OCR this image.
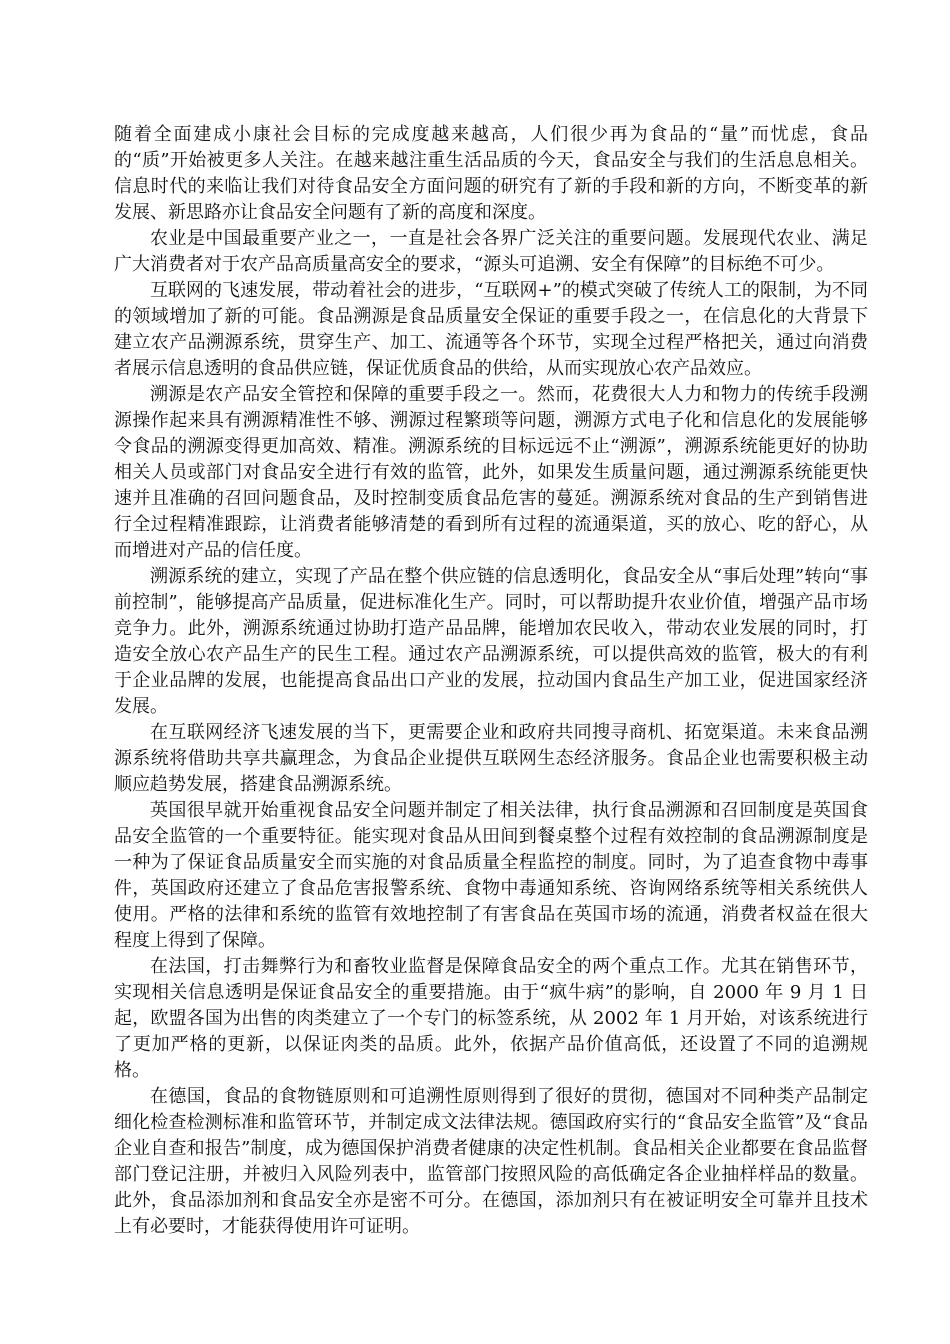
随着全面建成小康社会目标的完成度越来越高，人们很少再为食品的“量”而忧虑，食品的“质”开始被更多人关注。在越来越注重生活品质的今天，食品安全与我们的生活息息相关。信息时代的来临让我们对待食品安全方面问题的研究有了新的手段和新的方向，不断变革的新发展、新思路亦让食品安全问题有了新的高度和深度。

农业是中国最重要产业之一，一直是社会各界广泛关注的重要问题。发展现代农业、满足广大消费者对于农产品高质量高安全的要求，“源头可追溯、安全有保障”的目标绝不可少。

互联网的飞速发展，带动着社会的进步，“互联网+”的模式突破了传统人工的限制，为不同的领域增加了新的可能。食品溯源是食品质量安全保证的重要手段之一，在信息化的大背景下建立农产品溯源系统，贯穿生产、加工、流通等各个环节，实现全过程严格把关，通过向消费者展示信息透明的食品供应链，保证优质食品的供给，从而实现放心农产品效应。

溯源是农产品安全管控和保障的重要手段之一。然而，花费很大人力和物力的传统手段溯源操作起来具有溯源精准性不够、溯源过程繁琐等问题，溯源方式电子化和信息化的发展能够令食品的溯源变得更加高效、精准。溯源系统的目标远远不止“溯源”，溯源系统能更好的协助相关人员或部门对食品安全进行有效的监管，此外，如果发生质量问题，通过溯源系统能更快速并且准确的召回问题食品，及时控制变质食品危害的蔓延。溯源系统对食品的生产到销售进行全过程精准跟踪，让消费者能够清楚的看到所有过程的流通渠道，买的放心、吃的舒心，从而增进对产品的信任度。

溯源系统的建立，实现了产品在整个供应链的信息透明化，食品安全从“事后处理”转向“事前控制”，能够提高产品质量，促进标准化生产。同时，可以帮助提升农业价值，增强产品市场竞争力。此外，溯源系统通过协助打造产品品牌，能增加农民收入，带动农业发展的同时，打造安全放心农产品生产的民生工程。通过农产品溯源系统，可以提供高效的监管，极大的有利于企业品牌的发展，也能提高食品出口产业的发展，拉动国内食品生产加工业，促进国家经济发展。

在互联网经济飞速发展的当下，更需要企业和政府共同搜寻商机、拓宽渠道。未来食品溯源系统将借助共享共赢理念，为食品企业提供互联网生态经济服务。食品企业也需要积极主动顺应趋势发展，搭建食品溯源系统。

英国很早就开始重视食品安全问题并制定了相关法律，执行食品溯源和召回制度是英国食品安全监管的一个重要特征。能实现对食品从田间到餐桌整个过程有效控制的食品溯源制度是一种为了保证食品质量安全而实施的对食品质量全程监控的制度。同时，为了追查食物中毒事件，英国政府还建立了食品危害报警系统、食物中毒通知系统、咨询网络系统等相关系统供人使用。严格的法律和系统的监管有效地控制了有害食品在英国市场的流通，消费者权益在很大程度上得到了保障。

在法国，打击舞弊行为和畜牧业监督是保障食品安全的两个重点工作。尤其在销售环节，实现相关信息透明是保证食品安全的重要措施。由于“疯牛病”的影响，自 2000 年 9 月 1 日起，欧盟各国为出售的肉类建立了一个专门的标签系统，从 2002 年 1 月开始，对该系统进行了更加严格的更新，以保证肉类的品质。此外，依据产品价值高低，还设置了不同的追溯规格。

在德国，食品的食物链原则和可追溯性原则得到了很好的贯彻，德国对不同种类产品制定细化检查检测标准和监管环节，并制定成文法律法规。德国政府实行的“食品安全监管”及“食品企业自查和报告”制度，成为德国保护消费者健康的决定性机制。食品相关企业都要在食品监督部门登记注册，并被归入风险列表中，监管部门按照风险的高低确定各企业抽样样品的数量。此外，食品添加剂和食品安全亦是密不可分。在德国，添加剂只有在被证明安全可靠并且技术上有必要时，才能获得使用许可证明。
